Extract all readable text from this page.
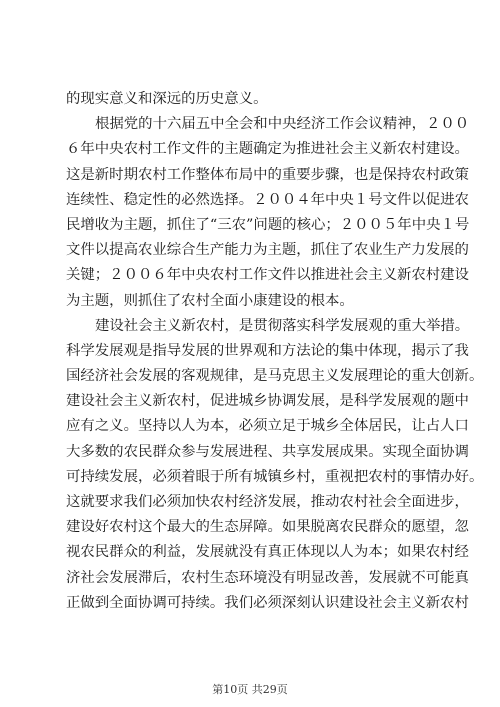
的现实意义和深远的历史意义。
根据党的十六届五中全会和中央经济工作会议精神，２００
６年中央农村工作文件的主题确定为推进社会主义新农村建设。
这是新时期农村工作整体布局中的重要步骤，也是保持农村政策
连续性、稳定性的必然选择。２００４年中央１号文件以促进农
民增收为主题，抓住了“三农”问题的核心；２００５年中央１号
文件以提高农业综合生产能力为主题，抓住了农业生产力发展的
关键；２００６年中央农村工作文件以推进社会主义新农村建设
为主题，则抓住了农村全面小康建设的根本。
建设社会主义新农村，是贯彻落实科学发展观的重大举措。
科学发展观是指导发展的世界观和方法论的集中体现，揭示了我
国经济社会发展的客观规律，是马克思主义发展理论的重大创新。
建设社会主义新农村，促进城乡协调发展，是科学发展观的题中
应有之义。坚持以人为本，必须立足于城乡全体居民，让占人口
大多数的农民群众参与发展进程、共享发展成果。实现全面协调
可持续发展，必须着眼于所有城镇乡村，重视把农村的事情办好。
这就要求我们必须加快农村经济发展，推动农村社会全面进步，
建设好农村这个最大的生态屏障。如果脱离农民群众的愿望，忽
视农民群众的利益，发展就没有真正体现以人为本；如果农村经
济社会发展滞后，农村生态环境没有明显改善，发展就不可能真
正做到全面协调可持续。我们必须深刻认识建设社会主义新农村
第10页 共29页
